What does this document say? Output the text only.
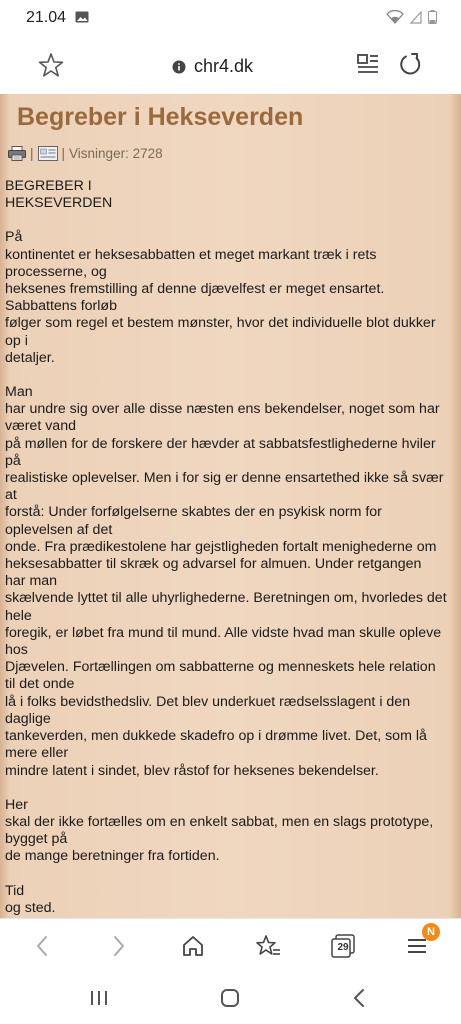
21.04
chr4.dk
Begreber i Hekseverden
| | Visninger: 2728

BEGREBER I
HEKSEVERDEN

På
kontinentet er heksesabbatten et meget markant træk i rets
processerne, og
heksenes fremstilling af denne djævelfest er meget ensartet.
Sabbattens forløb
følger som regel et bestem mønster, hvor det individuelle blot dukker
op i
detaljer.

Man
har undre sig over alle disse næsten ens bekendelser, noget som har
været vand
på møllen for de forskere der hævder at sabbatsfestlighederne hviler
på
realistiske oplevelser. Men i for sig er denne ensartethed ikke så svær
at
forstå: Under forfølgelserne skabtes der en psykisk norm for
oplevelsen af det
onde. Fra prædikestolene har gejstligheden fortalt menighederne om
heksesabbatter til skræk og advarsel for almuen. Under retgangen
har man
skælvende lyttet til alle uhyrlighederne. Beretningen om, hvorledes det
hele
foregik, er løbet fra mund til mund. Alle vidste hvad man skulle opleve
hos
Djævelen. Fortællingen om sabbatterne og menneskets hele relation
til det onde
lå i folks bevidsthedsliv. Det blev underkuet rædselsslagent i den
daglige
tankeverden, men dukkede skadefro op i drømme livet. Det, som lå
mere eller
mindre latent i sindet, blev råstof for heksenes bekendelser.

Her
skal der ikke fortælles om en enkelt sabbat, men en slags prototype,
bygget på
de mange beretninger fra fortiden.

Tid
og sted.

29
N
